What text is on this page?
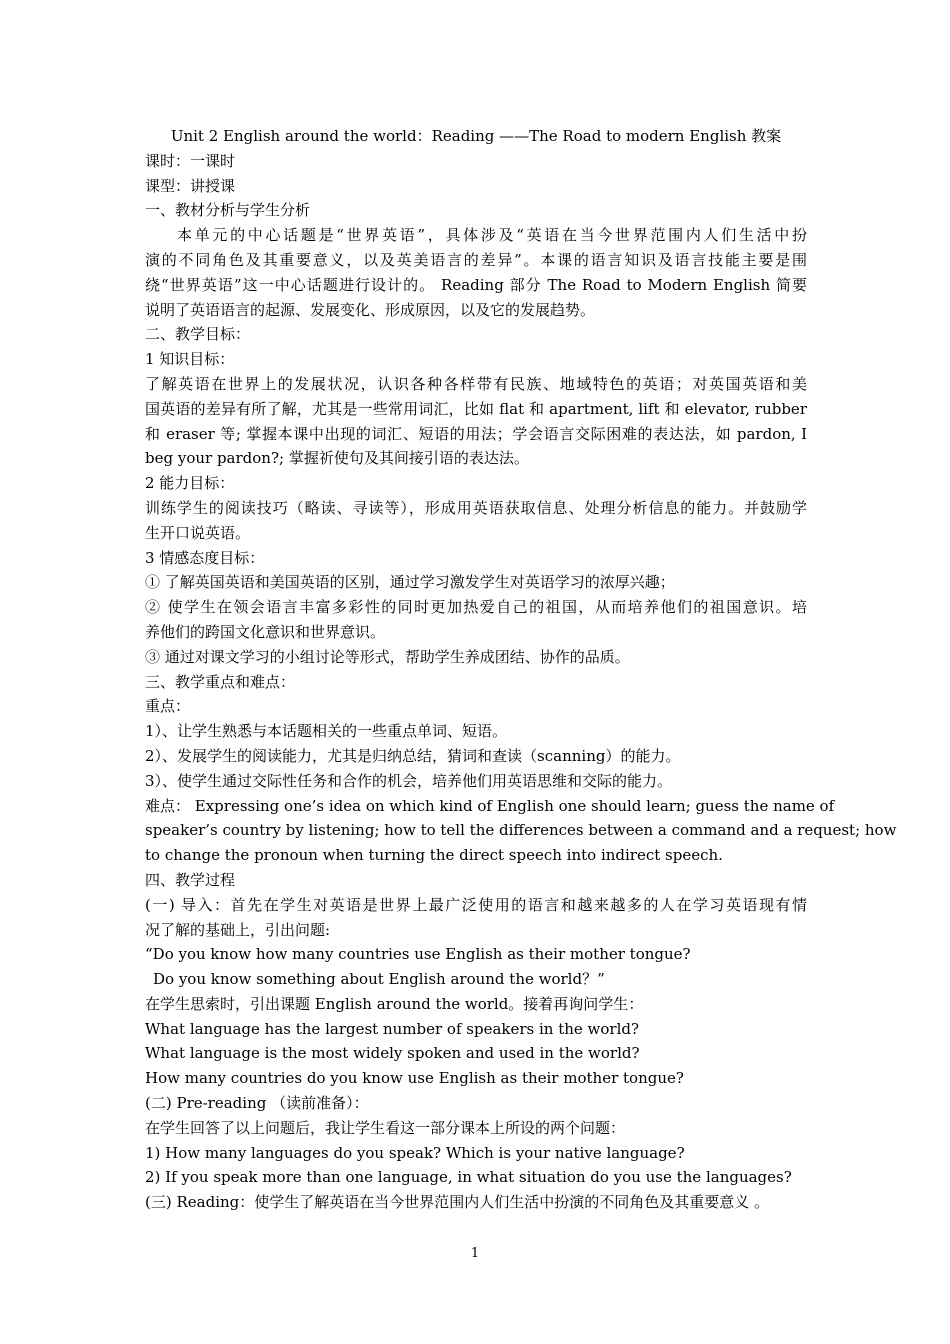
Unit 2 English around the world：Reading ——The Road to modern English 教案
课时：一课时
课型：讲授课
一、教材分析与学生分析
本单元的中心话题是“世界英语”，具体涉及“英语在当今世界范围内人们生活中扮
演的不同角色及其重要意义，以及英美语言的差异”。本课的语言知识及语言技能主要是围
绕“世界英语”这一中心话题进行设计的。 Reading 部分 The Road to Modern English 简要
说明了英语语言的起源、发展变化、形成原因，以及它的发展趋势。
二、教学目标：
1 知识目标：
了解英语在世界上的发展状况，认识各种各样带有民族、地域特色的英语；对英国英语和美
国英语的差异有所了解，尤其是一些常用词汇，比如 flat 和 apartment, lift 和 elevator, rubber
和 eraser 等; 掌握本课中出现的词汇、短语的用法；学会语言交际困难的表达法，如 pardon, I
beg your pardon?; 掌握祈使句及其间接引语的表达法。
2 能力目标：
训练学生的阅读技巧（略读、寻读等），形成用英语获取信息、处理分析信息的能力。并鼓励学
生开口说英语。
3 情感态度目标：
① 了解英国英语和美国英语的区别，通过学习激发学生对英语学习的浓厚兴趣；
② 使学生在领会语言丰富多彩性的同时更加热爱自己的祖国，从而培养他们的祖国意识。培
养他们的跨国文化意识和世界意识。
③ 通过对课文学习的小组讨论等形式，帮助学生养成团结、协作的品质。
三、教学重点和难点：
重点：
1）、让学生熟悉与本话题相关的一些重点单词、短语。
2）、发展学生的阅读能力，尤其是归纳总结，猜词和查读（scanning）的能力。
3）、使学生通过交际性任务和合作的机会，培养他们用英语思维和交际的能力。
难点： Expressing one’s idea on which kind of English one should learn; guess the name of
speaker’s country by listening; how to tell the differences between a command and a request; how
to change the pronoun when turning the direct speech into indirect speech.
四、教学过程
(一) 导入：首先在学生对英语是世界上最广泛使用的语言和越来越多的人在学习英语现有情
况了解的基础上，引出问题:
“Do you know how many countries use English as their mother tongue?
Do you know something about English around the world？”
在学生思索时，引出课题 English around the world。接着再询问学生：
What language has the largest number of speakers in the world?
What language is the most widely spoken and used in the world?
How many countries do you know use English as their mother tongue?
(二) Pre-reading （读前准备）：
在学生回答了以上问题后，我让学生看这一部分课本上所设的两个问题：
1) How many languages do you speak? Which is your native language?
2) If you speak more than one language, in what situation do you use the languages?
(三) Reading：使学生了解英语在当今世界范围内人们生活中扮演的不同角色及其重要意义 。
1
